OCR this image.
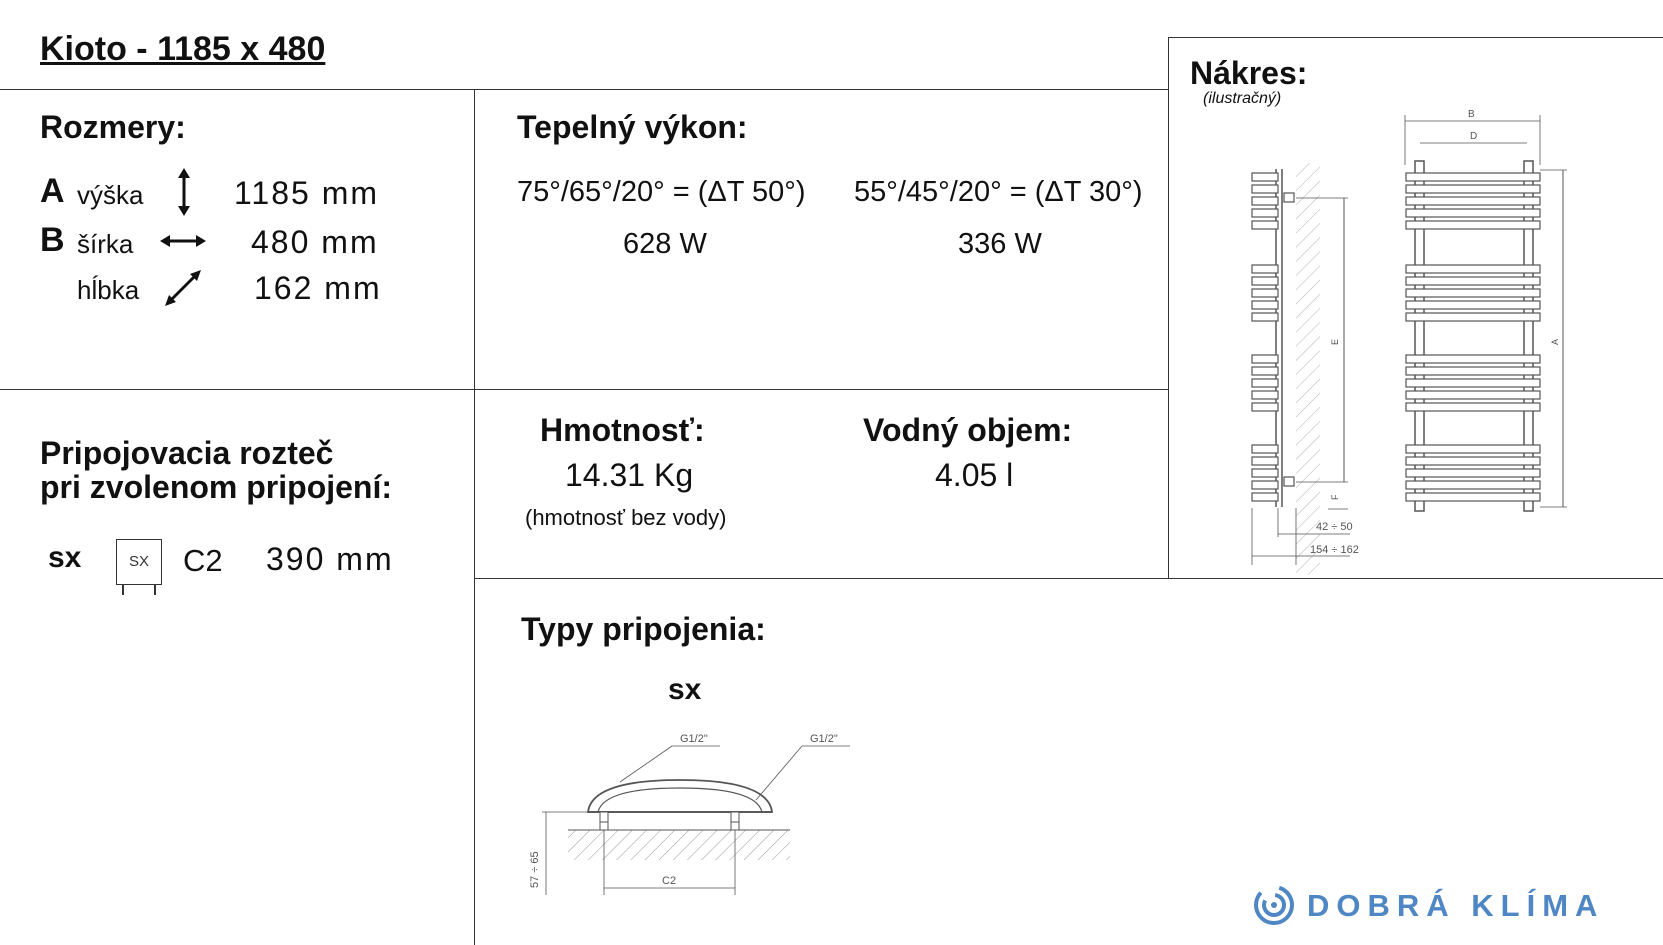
Kioto - 1185 x 480
Rozmery:
A výška	1185 mm
B šírka	480 mm
hĺbka	162 mm
Tepelný výkon:
75°/65°/20° = (ΔT 50°)
628 W
55°/45°/20° = (ΔT 30°)
336 W
Nákres:
(ilustračný)
E
F
42 ÷ 50
154 ÷ 162
B
D
A
Pripojovacia rozteč
pri zvolenom pripojení:
sx	SX	C2 390 mm
Hmotnosť:
14.31 Kg
(hmotnosť bez vody)
Vodný objem:
4.05 l
Typy pripojenia:
sx
C2
57 ÷ 65
G1/2"	G1/2"
DOBRÁ KLÍMA
